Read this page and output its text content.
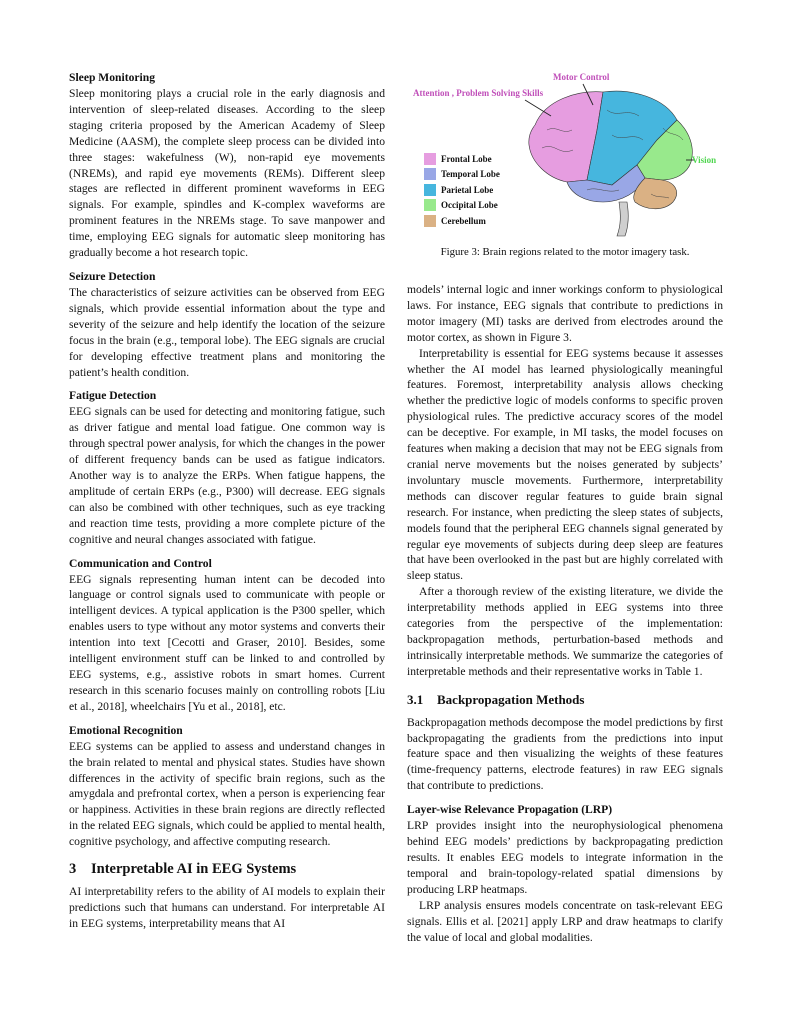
Sleep Monitoring

Sleep monitoring plays a crucial role in the early diagnosis and intervention of sleep-related diseases. According to the sleep staging criteria proposed by the American Academy of Sleep Medicine (AASM), the complete sleep process can be divided into three stages: wakefulness (W), non-rapid eye movements (NREMs), and rapid eye movements (REMs). Different sleep stages are reflected in different prominent waveforms in EEG signals. For example, spindles and K-complex waveforms are prominent features in the NREMs stage. To save manpower and time, employing EEG signals for automatic sleep monitoring has gradually become a hot research topic.

Seizure Detection

The characteristics of seizure activities can be observed from EEG signals, which provide essential information about the type and severity of the seizure and help identify the location of the seizure focus in the brain (e.g., temporal lobe). The EEG signals are crucial for developing effective treatment plans and monitoring the patient’s health condition.

Fatigue Detection

EEG signals can be used for detecting and monitoring fatigue, such as driver fatigue and mental load fatigue. One common way is through spectral power analysis, for which the changes in the power of different frequency bands can be used as fatigue indicators. Another way is to analyze the ERPs. When fatigue happens, the amplitude of certain ERPs (e.g., P300) will decrease. EEG signals can also be combined with other techniques, such as eye tracking and reaction time tests, providing a more complete picture of the cognitive and neural changes associated with fatigue.

Communication and Control

EEG signals representing human intent can be decoded into language or control signals used to communicate with people or intelligent devices. A typical application is the P300 speller, which enables users to type without any motor systems and converts their intention into text [Cecotti and Graser, 2010]. Besides, some intelligent environment stuff can be linked to and controlled by EEG systems, e.g., assistive robots in smart homes. Current research in this scenario focuses mainly on controlling robots [Liu et al., 2018], wheelchairs [Yu et al., 2018], etc.

Emotional Recognition

EEG systems can be applied to assess and understand changes in the brain related to mental and physical states. Studies have shown differences in the activity of specific brain regions, such as the amygdala and prefrontal cortex, when a person is experiencing fear or happiness. Activities in these brain regions are directly reflected in the related EEG signals, which could be applied to mental health, cognitive psychology, and affective computing research.

3 Interpretable AI in EEG Systems

AI interpretability refers to the ability of AI models to explain their predictions such that humans can understand. For interpretable AI in EEG systems, interpretability means that AI

Motor Control
Attention , Problem Solving Skills
Vision
Frontal Lobe
Temporal Lobe
Parietal Lobe
Occipital Lobe
Cerebellum
Figure 3: Brain regions related to the motor imagery task.

models’ internal logic and inner workings conform to physiological laws. For instance, EEG signals that contribute to predictions in motor imagery (MI) tasks are derived from electrodes around the motor cortex, as shown in Figure 3.

Interpretability is essential for EEG systems because it assesses whether the AI model has learned physiologically meaningful features. Foremost, interpretability analysis allows checking whether the predictive logic of models conforms to specific proven physiological rules. The predictive accuracy scores of the model can be deceptive. For example, in MI tasks, the model focuses on features when making a decision that may not be EEG signals from cranial nerve movements but the noises generated by subjects’ involuntary muscle movements. Furthermore, interpretability methods can discover regular features to guide brain signal research. For instance, when predicting the sleep states of subjects, models found that the peripheral EEG channels signal generated by regular eye movements of subjects during deep sleep are features that have been overlooked in the past but are highly correlated with sleep status.

After a thorough review of the existing literature, we divide the interpretability methods applied in EEG systems into three categories from the perspective of the implementation: backpropagation methods, perturbation-based methods and intrinsically interpretable methods. We summarize the categories of interpretable methods and their representative works in Table 1.

3.1 Backpropagation Methods

Backpropagation methods decompose the model predictions by first backpropagating the gradients from the predictions into input feature space and then visualizing the weights of these features (time-frequency patterns, electrode features) in raw EEG signals that contribute to predictions.

Layer-wise Relevance Propagation (LRP)

LRP provides insight into the neurophysiological phenomena behind EEG models’ predictions by backpropagating prediction results. It enables EEG models to integrate information in the temporal and brain-topology-related spatial dimensions by producing LRP heatmaps.

LRP analysis ensures models concentrate on task-relevant EEG signals. Ellis et al. [2021] apply LRP and draw heatmaps to clarify the value of local and global modalities.
